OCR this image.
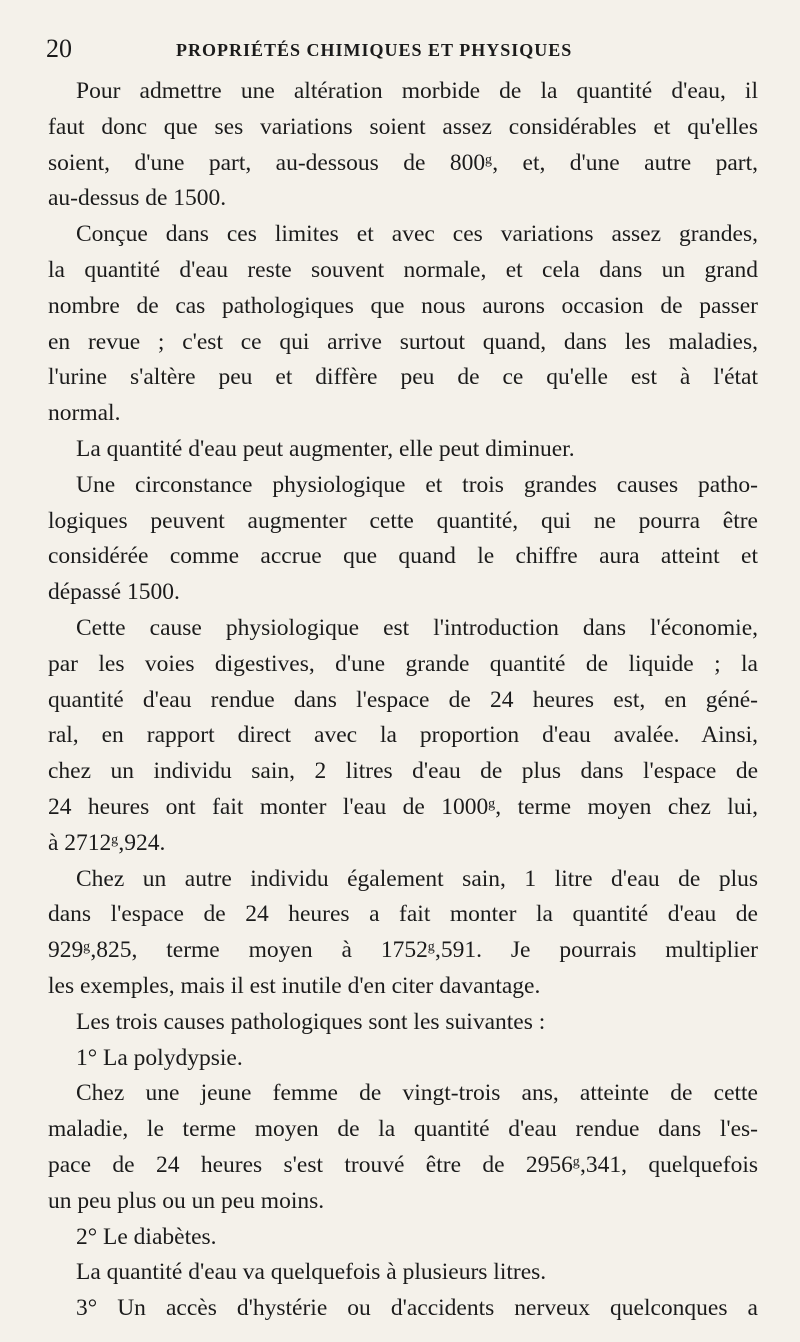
20	PROPRIÉTÉS CHIMIQUES ET PHYSIQUES
Pour admettre une altération morbide de la quantité d'eau, il
faut donc que ses variations soient assez considérables et qu'elles
soient, d'une part, au-dessous de 800ᵍ, et, d'une autre part,
au-dessus de 1500.
Conçue dans ces limites et avec ces variations assez grandes,
la quantité d'eau reste souvent normale, et cela dans un grand
nombre de cas pathologiques que nous aurons occasion de passer
en revue ; c'est ce qui arrive surtout quand, dans les maladies,
l'urine s'altère peu et diffère peu de ce qu'elle est à l'état
normal.
La quantité d'eau peut augmenter, elle peut diminuer.
Une circonstance physiologique et trois grandes causes patho-
logiques peuvent augmenter cette quantité, qui ne pourra être
considérée comme accrue que quand le chiffre aura atteint et
dépassé 1500.
Cette cause physiologique est l'introduction dans l'économie,
par les voies digestives, d'une grande quantité de liquide ; la
quantité d'eau rendue dans l'espace de 24 heures est, en géné-
ral, en rapport direct avec la proportion d'eau avalée. Ainsi,
chez un individu sain, 2 litres d'eau de plus dans l'espace de
24 heures ont fait monter l'eau de 1000ᵍ, terme moyen chez lui,
à 2712ᵍ,924.
Chez un autre individu également sain, 1 litre d'eau de plus
dans l'espace de 24 heures a fait monter la quantité d'eau de
929ᵍ,825, terme moyen à 1752ᵍ,591. Je pourrais multiplier
les exemples, mais il est inutile d'en citer davantage.
Les trois causes pathologiques sont les suivantes :
1° La polydypsie.
Chez une jeune femme de vingt-trois ans, atteinte de cette
maladie, le terme moyen de la quantité d'eau rendue dans l'es-
pace de 24 heures s'est trouvé être de 2956ᵍ,341, quelquefois
un peu plus ou un peu moins.
2° Le diabètes.
La quantité d'eau va quelquefois à plusieurs litres.
3° Un accès d'hystérie ou d'accidents nerveux quelconques a
